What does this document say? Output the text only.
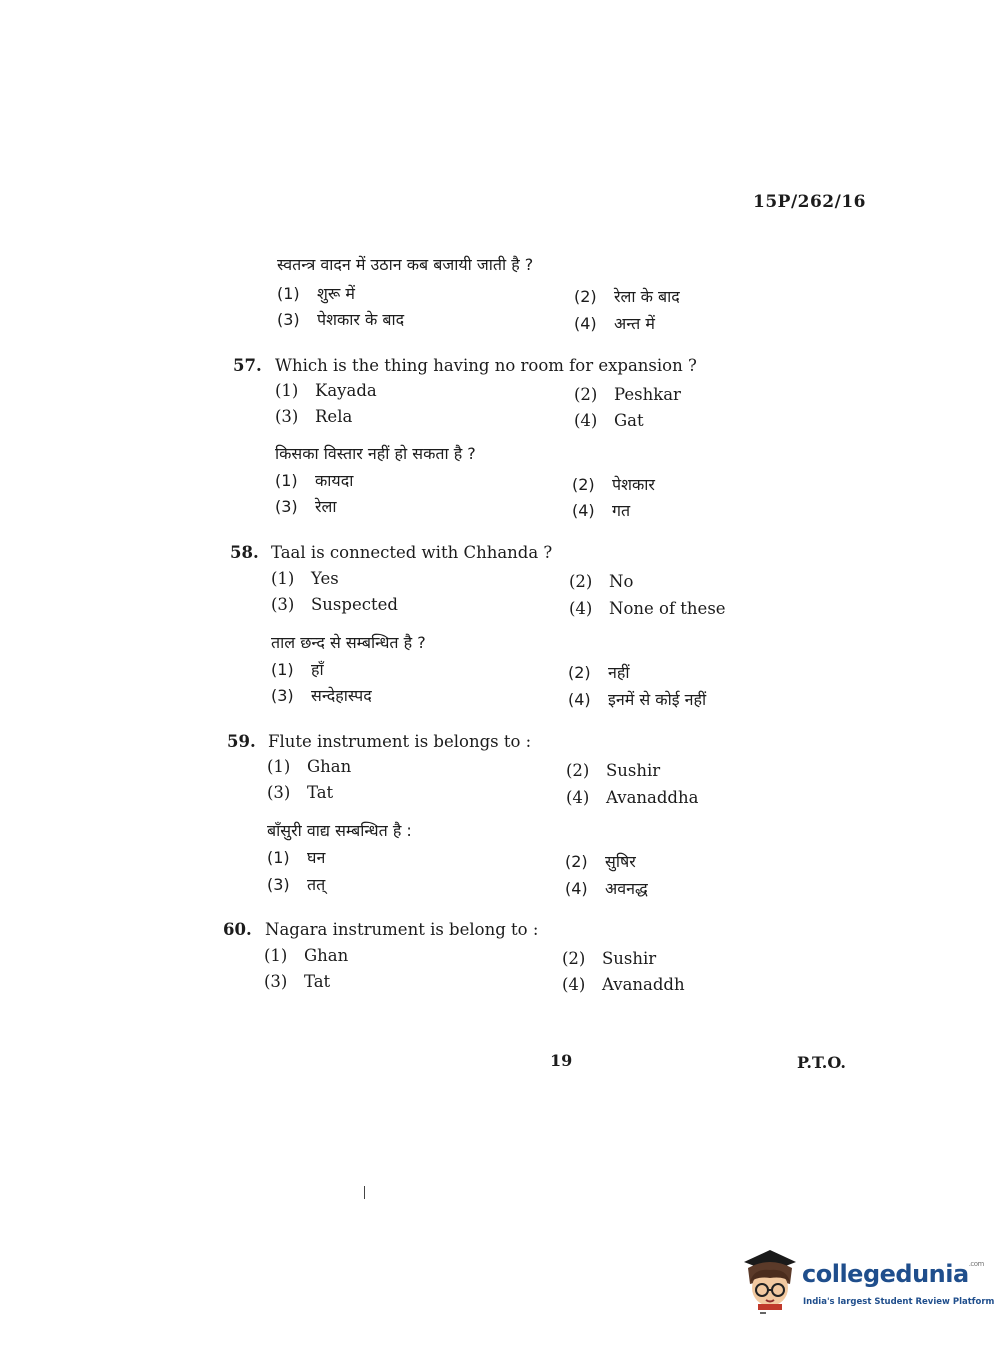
15P/262/16
स्वतन्त्र वादन में उठान कब बजायी जाती है ?
(1) शुरू में	(2) रेला के बाद
(3) पेशकार के बाद	(4) अन्त में
57. Which is the thing having no room for expansion ?
(1) Kayada	(2) Peshkar
(3) Rela	(4) Gat
किसका विस्तार नहीं हो सकता है ?
(1) कायदा	(2) पेशकार
(3) रेला	(4) गत
58. Taal is connected with Chhanda ?
(1) Yes	(2) No
(3) Suspected	(4) None of these
ताल छन्द से सम्बन्धित है ?
(1) हाँ	(2) नहीं
(3) सन्देहास्पद	(4) इनमें से कोई नहीं
59. Flute instrument is belongs to :
(1) Ghan	(2) Sushir
(3) Tat	(4) Avanaddha
बाँसुरी वाद्य सम्बन्धित है :
(1) घन	(2) सुषिर
(3) तत्	(4) अवनद्ध
60. Nagara instrument is belong to :
(1) Ghan	(2) Sushir
(3) Tat	(4) Avanaddh
19	P.T.O.
collegedunia$^{.com}$
India's largest Student Review Platform
